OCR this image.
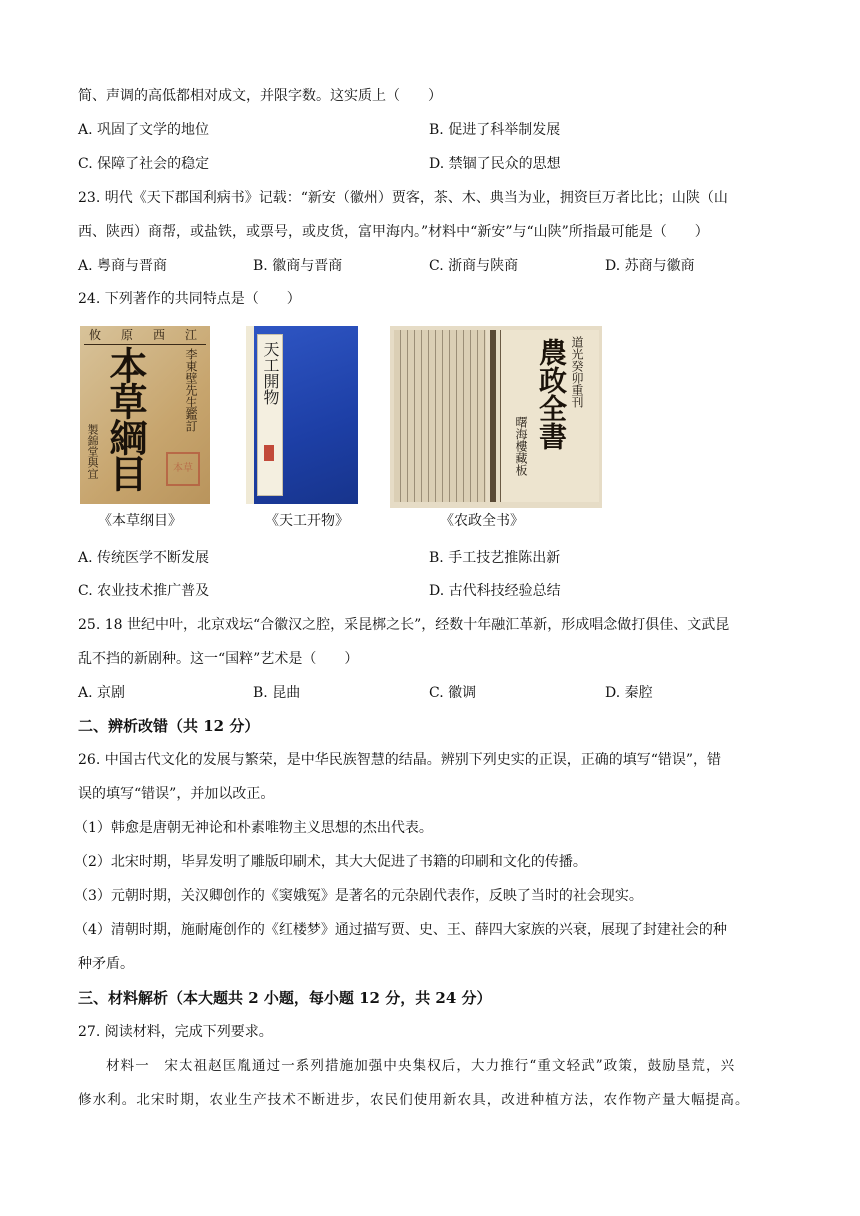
简、声调的高低都相对成文，并限字数。这实质上（　　）
A. 巩固了文学的地位	B. 促进了科举制发展
C. 保障了社会的稳定	D. 禁锢了民众的思想
23. 明代《天下郡国利病书》记载：“新安（徽州）贾客，茶、木、典当为业，拥资巨万者比比；山陕（山
西、陕西）商帮，或盐铁，或票号，或皮货，富甲海内。”材料中“新安”与“山陕”所指最可能是（　　）
A. 粤商与晋商	B. 徽商与晋商	C. 浙商与陕商	D. 苏商与徽商
24. 下列著作的共同特点是（　　）
攸　原　西　江
本草綱目	李東壁先生鑑訂
製錦堂與宜	本草
天工開物	道光癸卯重刊
農政全書
曙海樓藏板
《本草纲目》	《天工开物》	《农政全书》
A. 传统医学不断发展	B. 手工技艺推陈出新
C. 农业技术推广普及	D. 古代科技经验总结
25. 18 世纪中叶，北京戏坛“合徽汉之腔，采昆梆之长”，经数十年融汇革新，形成唱念做打俱佳、文武昆
乱不挡的新剧种。这一“国粹”艺术是（　　）
A. 京剧	B. 昆曲	C. 徽调	D. 秦腔
二、辨析改错（共 12 分）
26. 中国古代文化的发展与繁荣，是中华民族智慧的结晶。辨别下列史实的正误，正确的填写“错误”，错
误的填写“错误”，并加以改正。
（1）韩愈是唐朝无神论和朴素唯物主义思想的杰出代表。
（2）北宋时期，毕昇发明了雕版印刷术，其大大促进了书籍的印刷和文化的传播。
（3）元朝时期，关汉卿创作的《窦娥冤》是著名的元杂剧代表作，反映了当时的社会现实。
（4）清朝时期，施耐庵创作的《红楼梦》通过描写贾、史、王、薛四大家族的兴衰，展现了封建社会的种
种矛盾。
三、材料解析（本大题共 2 小题，每小题 12 分，共 24 分）
27. 阅读材料，完成下列要求。
材料一　宋太祖赵匡胤通过一系列措施加强中央集权后，大力推行“重文轻武”政策，鼓励垦荒，兴
修水利。北宋时期，农业生产技术不断进步，农民们使用新农具，改进种植方法，农作物产量大幅提高。
